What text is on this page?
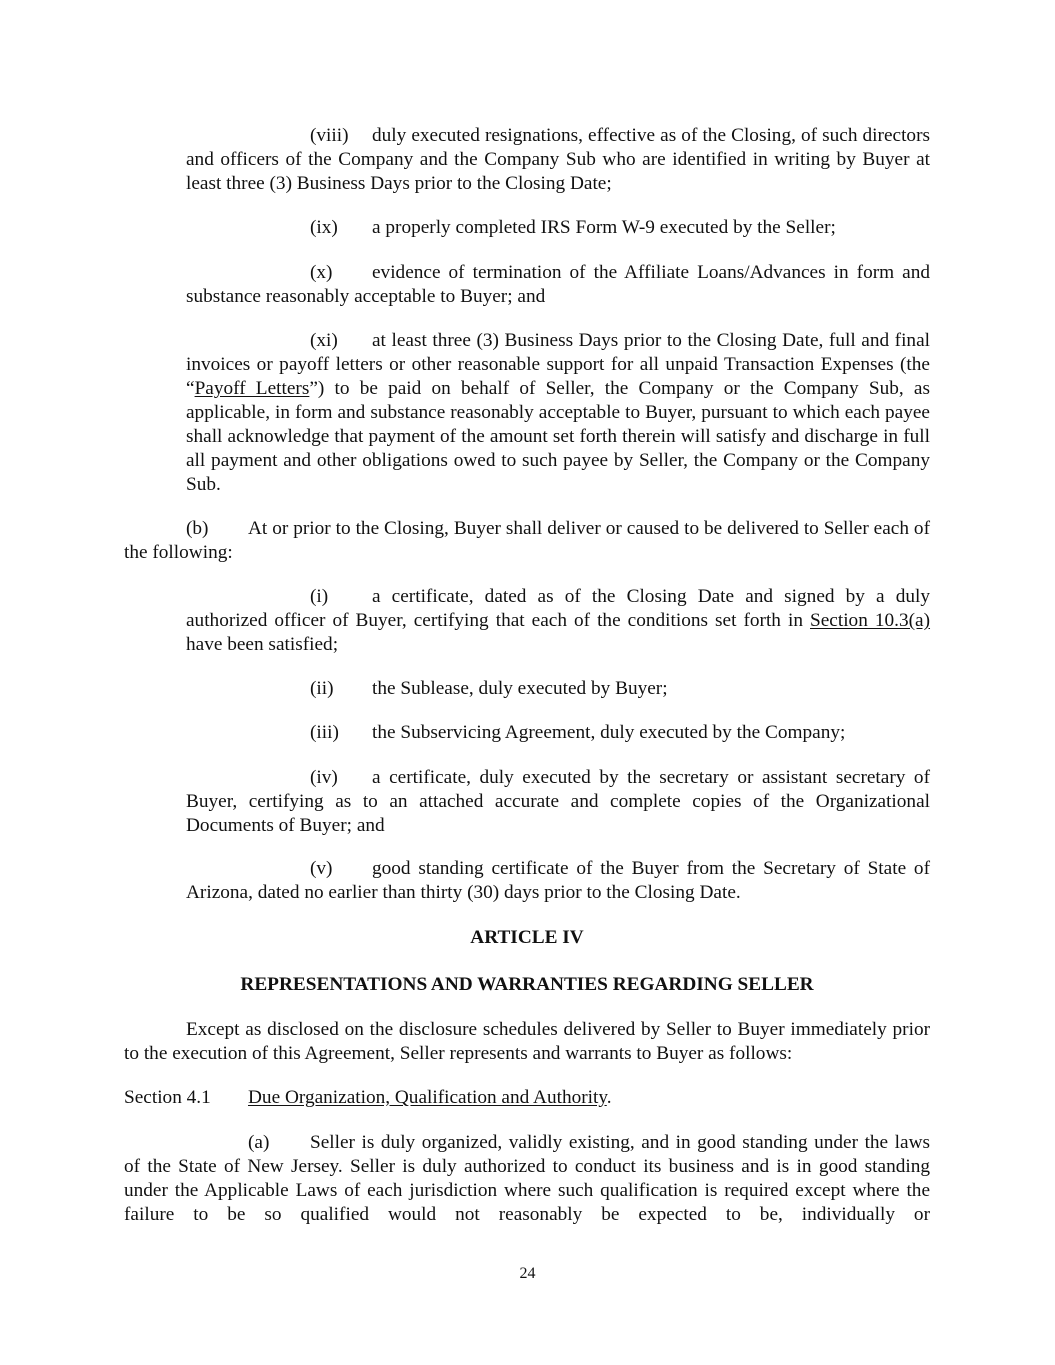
(viii) duly executed resignations, effective as of the Closing, of such directors and officers of the Company and the Company Sub who are identified in writing by Buyer at least three (3) Business Days prior to the Closing Date;

(ix) a properly completed IRS Form W-9 executed by the Seller;

(x) evidence of termination of the Affiliate Loans/Advances in form and substance reasonably acceptable to Buyer; and

(xi) at least three (3) Business Days prior to the Closing Date, full and final invoices or payoff letters or other reasonable support for all unpaid Transaction Expenses (the “Payoff Letters”) to be paid on behalf of Seller, the Company or the Company Sub, as applicable, in form and substance reasonably acceptable to Buyer, pursuant to which each payee shall acknowledge that payment of the amount set forth therein will satisfy and discharge in full all payment and other obligations owed to such payee by Seller, the Company or the Company Sub.

(b) At or prior to the Closing, Buyer shall deliver or caused to be delivered to Seller each of the following:

(i) a certificate, dated as of the Closing Date and signed by a duly authorized officer of Buyer, certifying that each of the conditions set forth in Section 10.3(a) have been satisfied;

(ii) the Sublease, duly executed by Buyer;

(iii) the Subservicing Agreement, duly executed by the Company;

(iv) a certificate, duly executed by the secretary or assistant secretary of Buyer, certifying as to an attached accurate and complete copies of the Organizational Documents of Buyer; and

(v) good standing certificate of the Buyer from the Secretary of State of Arizona, dated no earlier than thirty (30) days prior to the Closing Date.

ARTICLE IV

REPRESENTATIONS AND WARRANTIES REGARDING SELLER

Except as disclosed on the disclosure schedules delivered by Seller to Buyer immediately prior to the execution of this Agreement, Seller represents and warrants to Buyer as follows:

Section 4.1 Due Organization, Qualification and Authority.

(a) Seller is duly organized, validly existing, and in good standing under the laws of the State of New Jersey. Seller is duly authorized to conduct its business and is in good standing under the Applicable Laws of each jurisdiction where such qualification is required except where the failure to be so qualified would not reasonably be expected to be, individually or

24
